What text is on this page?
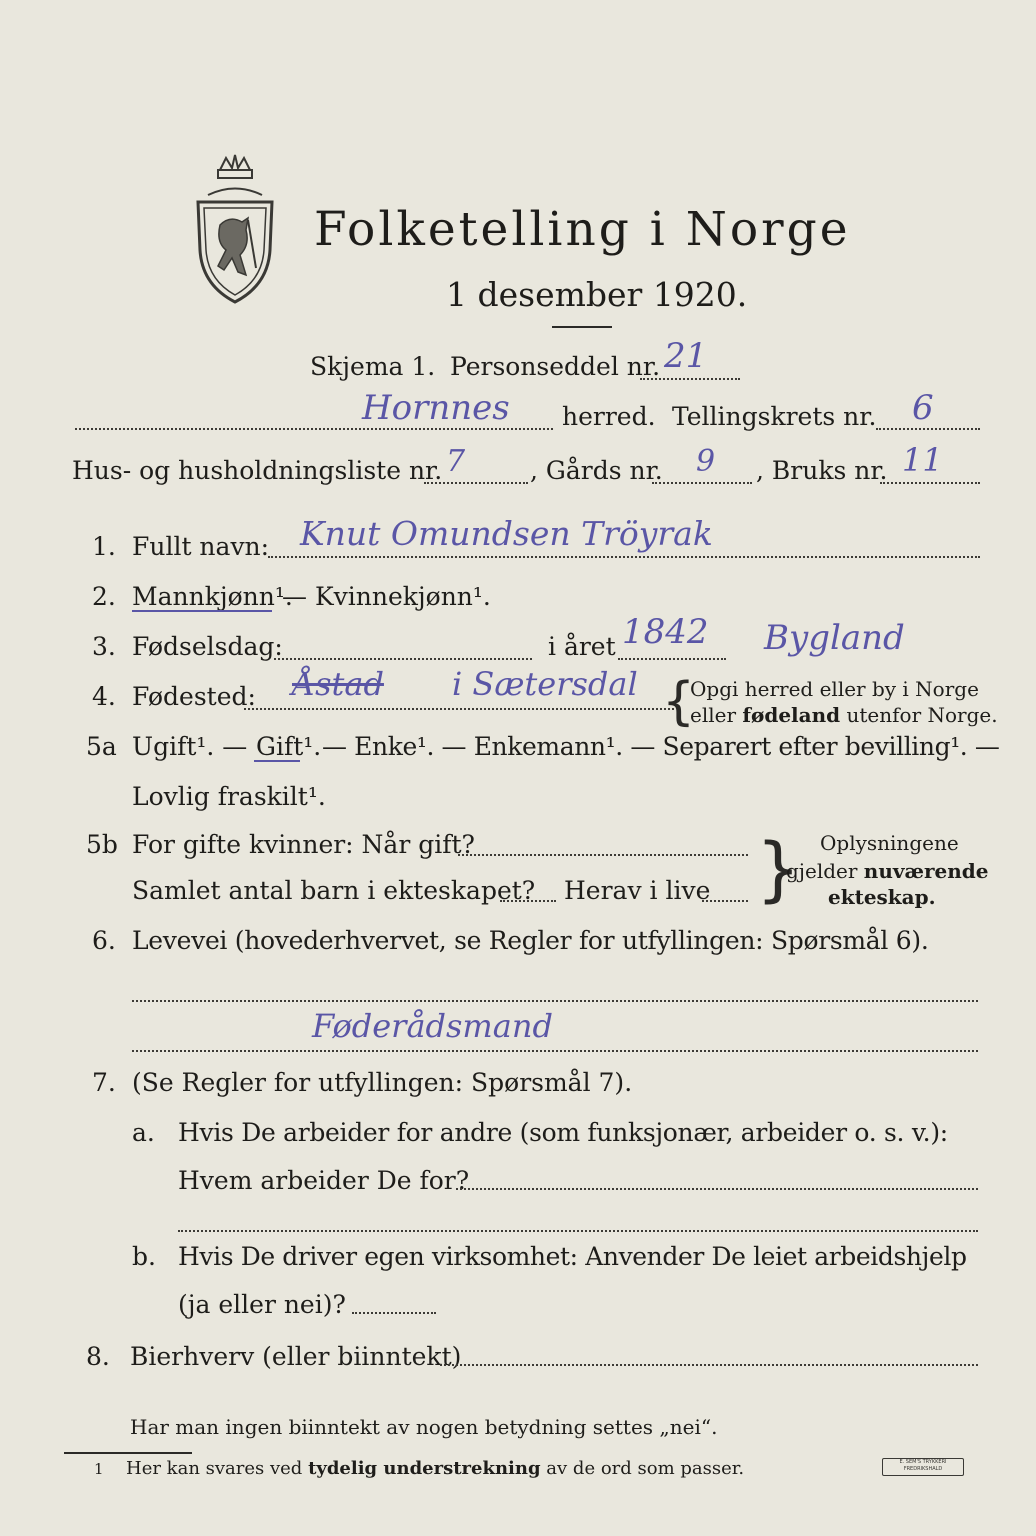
Folketelling i Norge
1 desember 1920.
Skjema 1. Personseddel nr. 21
Hornnes herred. Tellingskrets nr. 6
Hus- og husholdningsliste nr. 7	, Gårds nr. 9 , Bruks nr. 11
1. Fullt navn: Knut Omundsen Tröyrak
2. Mannkjønn¹.
— Kvinnekjønn¹.
3. Fødselsdag:	i året 1842 Bygland
4. Fødested: Åstad i Sætersdal {
Opgi herred eller by i Norge
eller fødeland utenfor Norge.
5a Ugift¹. — Gift¹. — Enke¹. — Enkemann¹. — Separert efter bevilling¹. —
Lovlig fraskilt¹.
5b For gifte kvinner: Når gift?
Samlet antal barn i ekteskapet? Herav i live } Oplysningene
gjelder nuværende
ekteskap.
6. Levevei (hovederhvervet, se Regler for utfyllingen: Spørsmål 6).
Føderådsmand
7. (Se Regler for utfyllingen: Spørsmål 7).
a. Hvis De arbeider for andre (som funksjonær, arbeider o. s. v.):
Hvem arbeider De for?
b. Hvis De driver egen virksomhet: Anvender De leiet arbeidshjelp
(ja eller nei)?
8. Bierhverv (eller biinntekt)
Har man ingen biinntekt av nogen betydning settes „nei“.
1 Her kan svares ved tydelig understrekning av de ord som passer.	E. SEM'S TRYKKERI FREDRIKSHALD
